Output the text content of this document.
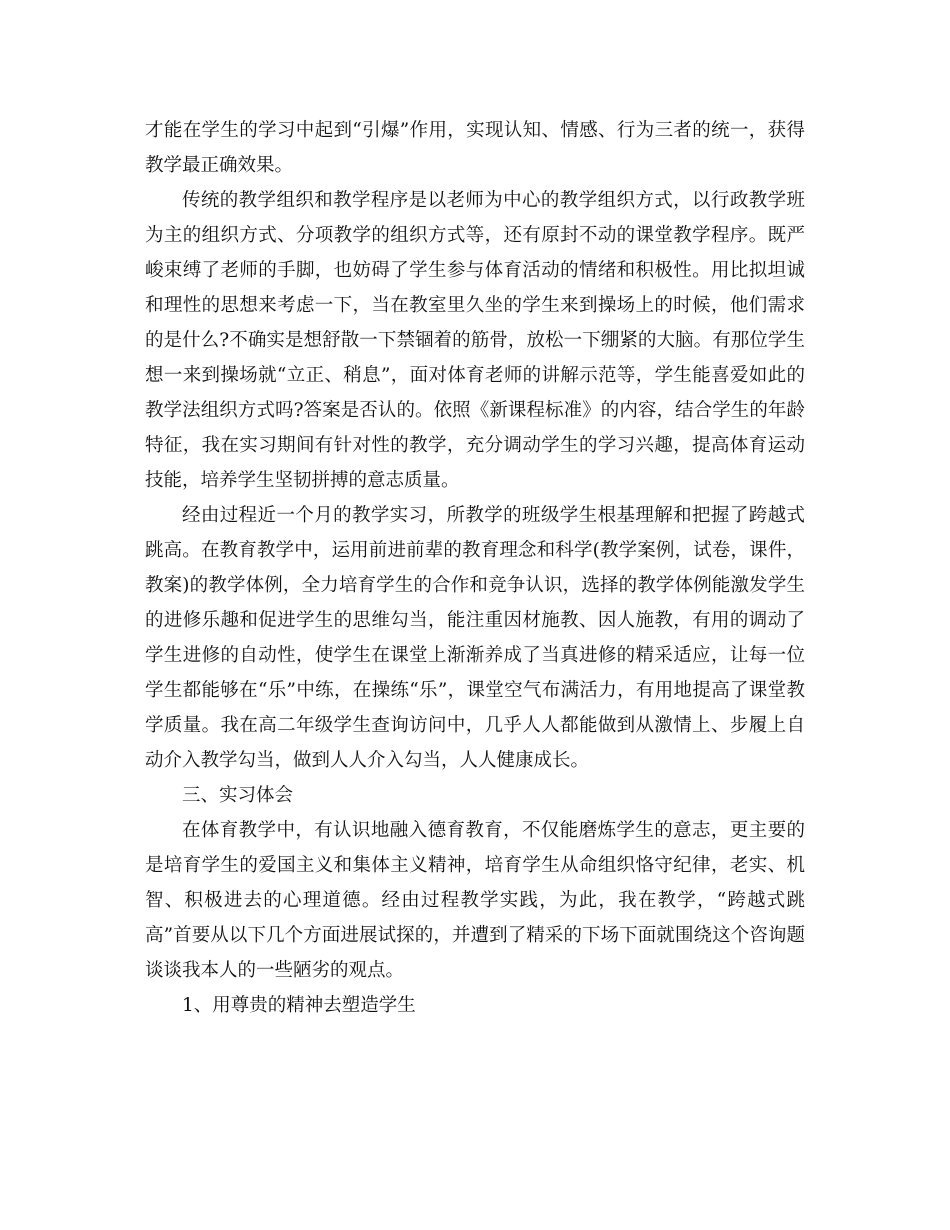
才能在学生的学习中起到“引爆”作用，实现认知、情感、行为三者的统一，获得教学最正确效果。

传统的教学组织和教学程序是以老师为中心的教学组织方式，以行政教学班为主的组织方式、分项教学的组织方式等，还有原封不动的课堂教学程序。既严峻束缚了老师的手脚，也妨碍了学生参与体育活动的情绪和积极性。用比拟坦诚和理性的思想来考虑一下，当在教室里久坐的学生来到操场上的时候，他们需求的是什么?不确实是想舒散一下禁锢着的筋骨，放松一下绷紧的大脑。有那位学生想一来到操场就“立正、稍息”，面对体育老师的讲解示范等，学生能喜爱如此的教学法组织方式吗?答案是否认的。依照《新课程标准》的内容，结合学生的年龄特征，我在实习期间有针对性的教学，充分调动学生的学习兴趣，提高体育运动技能，培养学生坚韧拼搏的意志质量。

经由过程近一个月的教学实习，所教学的班级学生根基理解和把握了跨越式跳高。在教育教学中，运用前进前辈的教育理念和科学(教学案例，试卷，课件，教案)的教学体例，全力培育学生的合作和竞争认识，选择的教学体例能激发学生的进修乐趣和促进学生的思维勾当，能注重因材施教、因人施教，有用的调动了学生进修的自动性，使学生在课堂上渐渐养成了当真进修的精采适应，让每一位学生都能够在“乐”中练，在操练“乐”，课堂空气布满活力，有用地提高了课堂教学质量。我在高二年级学生查询访问中，几乎人人都能做到从激情上、步履上自动介入教学勾当，做到人人介入勾当，人人健康成长。

三、实习体会

在体育教学中，有认识地融入德育教育，不仅能磨炼学生的意志，更主要的是培育学生的爱国主义和集体主义精神，培育学生从命组织恪守纪律，老实、机智、积极进去的心理道德。经由过程教学实践，为此，我在教学，“跨越式跳高”首要从以下几个方面进展试探的，并遭到了精采的下场下面就围绕这个咨询题谈谈我本人的一些陋劣的观点。

1、用尊贵的精神去塑造学生
